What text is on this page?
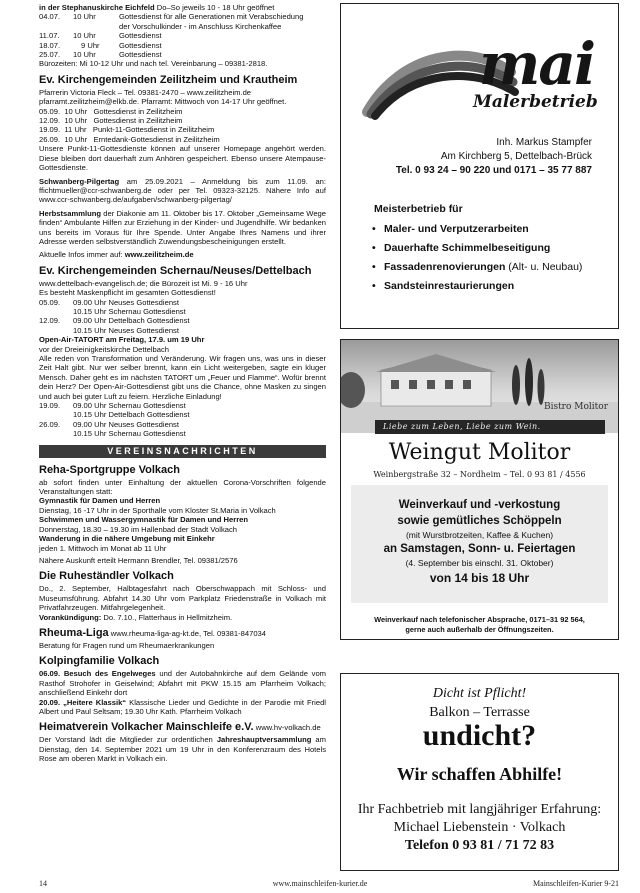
in der Stephanuskirche Eichfeld Do–So jeweils 10 - 18 Uhr geöffnet

04.07.	10 Uhr	Gottesdienst für alle Generationen mit Verabschiedung
der Vorschulkinder - im Anschluss Kirchenkaffee
11.07.	10 Uhr	Gottesdienst
18.07.	9 Uhr	Gottesdienst
25.07.	10 Uhr	Gottesdienst

Bürozeiten: Mi 10-12 Uhr und nach tel. Vereinbarung – 09381-2818.

Ev. Kirchengemeinden Zeilitzheim und Krautheim

Pfarrerin Victoria Fleck – Tel. 09381-2470 – www.zeilitzheim.de

pfarramt.zeilitzheim@elkb.de. Pfarramt: Mittwoch von 14-17 Uhr geöffnet.

05.09.  10 Uhr   Gottesdienst in Zeilitzheim

12.09.  10 Uhr   Gottesdienst in Zeilitzheim

19.09.  11 Uhr   Punkt-11-Gottesdienst in Zeilitzheim

26.09.  10 Uhr   Erntedank-Gottesdienst in Zeilitzheim

Unsere Punkt-11-Gottesdienste können auf unserer Homepage angehört werden. Diese bleiben dort dauerhaft zum Anhören gespeichert. Ebenso unsere Atempause-Gottesdienste.

Schwanberg-Pilgertag am 25.09.2021 – Anmeldung bis zum 11.09. an: ffichtmueller@ccr-schwanberg.de oder per Tel. 09323-32125. Nähere Info auf www.ccr-schwanberg.de/aufgaben/schwanberg-pilgertag/

Herbstsammlung der Diakonie am 11. Oktober bis 17. Oktober „Gemeinsame Wege finden“ Ambulante Hilfen zur Erziehung in der Kinder- und Jugendhilfe. Wir bedanken uns bereits im Voraus für Ihre Spende. Unter Angabe Ihres Namens und ihrer Adresse werden selbstverständlich Zuwendungsbescheinigungen erstellt.

Aktuelle Infos immer auf: www.zeilitzheim.de

Ev. Kirchengemeinden Schernau/Neuses/Dettelbach

www.dettelbach-evangelisch.de; die Bürozeit ist Mi. 9 - 16 Uhr

Es besteht Maskenpflicht im gesamten Gottesdienst!

05.09.	09.00 Uhr Neuses Gottesdienst
10.15 Uhr Schernau Gottesdienst
12.09.	09.00 Uhr Dettelbach Gottesdienst
10.15 Uhr Neuses Gottesdienst

Open-Air-TATORT am Freitag, 17.9. um 19 Uhr

vor der Dreieinigkeitskirche Dettelbach

Alle reden von Transformation und Veränderung. Wir fragen uns, was uns in dieser Zeit Halt gibt. Nur wer selber brennt, kann ein Licht weitergeben, sagte ein kluger Mensch. Daher geht es im nächsten TATORT um „Feuer und Flamme“. Wofür brennt dein Herz? Der Open-Air-Gottesdienst gibt uns die Chance, ohne Masken zu singen und auch bei guter Luft zu feiern. Herzliche Einladung!

19.09.	09.00 Uhr Schernau Gottesdienst
10.15 Uhr Dettelbach Gottesdienst
26.09.	09.00 Uhr Neuses Gottesdienst
10.15 Uhr Schernau Gottesdienst
VEREINSNACHRICHTEN

Reha-Sportgruppe Volkach

ab sofort finden unter Einhaltung der aktuellen Corona-Vorschriften folgende Veranstaltungen statt:

Gymnastik für Damen und Herren

Dienstag, 16 -17 Uhr in der Sporthalle vom Kloster St.Maria in Volkach

Schwimmen und Wassergymnastik für Damen und Herren

Donnerstag, 18.30 – 19.30 im Hallenbad der Stadt Volkach

Wanderung in die nähere Umgebung mit Einkehr

jeden 1. Mittwoch im Monat ab 11 Uhr

Nähere Auskunft erteilt Hermann Brendler, Tel. 09381/2576

Die Ruheständler Volkach

Do., 2. September, Halbtagesfahrt nach Oberschwappach mit Schloss- und Museumsführung. Abfahrt 14.30 Uhr vom Parkplatz Friedenstraße in Volkach mit Privatfahrzeugen. Mitfahrgelegenheit.

Vorankündigung: Do. 7.10., Flatterhaus in Hellmitzheim.

Rheuma-Liga www.rheuma-liga-ag-kt.de, Tel. 09381-847034

Beratung für Fragen rund um Rheumaerkrankungen

Kolpingfamilie Volkach

06.09. Besuch des Engelweges und der Autobahnkirche auf dem Gelände vom Rasthof Strohofer in Geiselwind; Abfahrt mit PKW 15.15 am Pfarrheim Volkach; anschließend Einkehr dort

20.09. „Heitere Klassik“ Klassische Lieder und Gedichte in der Parodie mit Friedl Albert und Paul Seltsam; 19.30 Uhr Kath. Pfarrheim Volkach

Heimatverein Volkacher Mainschleife e.V. www.hv-volkach.de

Der Vorstand lädt die Mitglieder zur ordentlichen Jahreshauptversammlung am Dienstag, den 14. September 2021 um 19 Uhr in den Konferenzraum des Hotels Rose am oberen Markt in Volkach ein.

mai
Malerbetrieb
Inh. Markus Stampfer
Am Kirchberg 5, Dettelbach-Brück
Tel. 0 93 24 – 90 220 und 0171 – 35 77 887
Meisterbetrieb für
• Maler- und Verputzerarbeiten
• Dauerhafte Schimmelbeseitigung
• Fassadenrenovierungen (Alt- u. Neubau)
• Sandsteinrestaurierungen
Bistro Molitor
Liebe zum Leben, Liebe zum Wein.
Weingut Molitor
Weinbergstraße 32 – Nordheim – Tel. 0 93 81 / 4556
Weinverkauf und -verkostung
sowie gemütliches Schöppeln
(mit Wurstbrotzeiten, Kaffee & Kuchen)
an Samstagen, Sonn- u. Feiertagen
(4. September bis einschl. 31. Oktober)
von 14 bis 18 Uhr
Weinverkauf nach telefonischer Absprache, 0171–31 92 564,
gerne auch außerhalb der Öffnungszeiten.
Dicht ist Pflicht!
Balkon – Terrasse
undicht?
Wir schaffen Abhilfe!
Ihr Fachbetrieb mit langjähriger Erfahrung:
Michael Liebenstein · Volkach
Telefon 0 93 81 / 71 72 83
14	www.mainschleifen-kurier.de	Mainschleifen-Kurier 9-21
